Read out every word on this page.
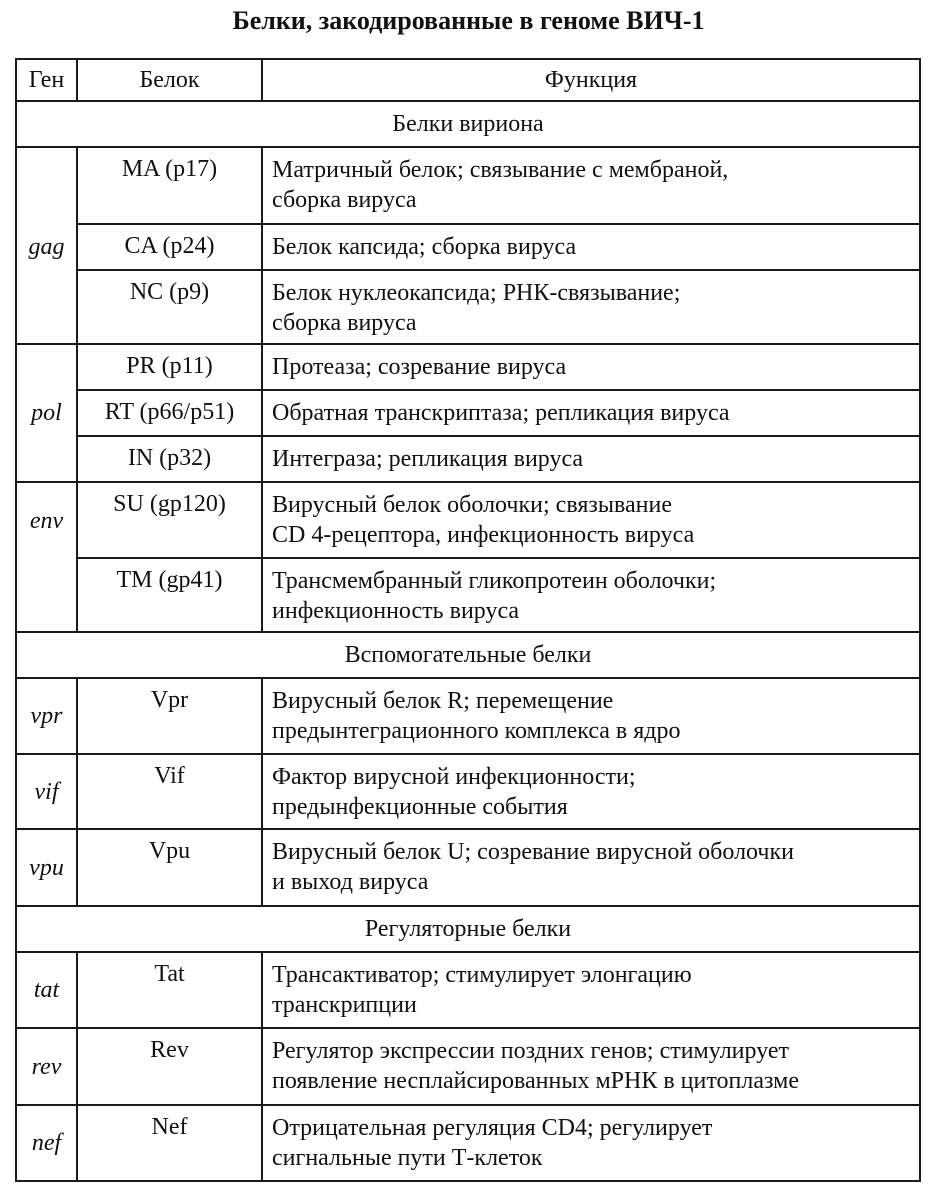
Белки, закодированные в геноме ВИЧ-1
Ген	Белок	Функция
Белки вириона		
	MA (p17)	Матричный белок; связывание с мембраной,
сборка вируса
gag	CA (p24)	Белок капсида; сборка вируса
	NC (p9)	Белок нуклеокапсида; РНК-связывание;
сборка вируса
	PR (p11)	Протеаза; созревание вируса
pol	RT (p66/p51)	Обратная транскриптаза; репликация вируса
	IN (p32)	Интеграза; репликация вируса
env	SU (gp120)	Вирусный белок оболочки; связывание
CD 4-рецептора, инфекционность вируса
	TM (gp41)	Трансмембранный гликопротеин оболочки;
инфекционность вируса
Вспомогательные белки		
vpr	Vpr	Вирусный белок R; перемещение
предынтеграционного комплекса в ядро
vif	Vif	Фактор вирусной инфекционности;
предынфекционные события
vpu	Vpu	Вирусный белок U; созревание вирусной оболочки
и выход вируса
Регуляторные белки		
tat	Tat	Трансактиватор; стимулирует элонгацию
транскрипции
rev	Rev	Регулятор экспрессии поздних генов; стимулирует
появление несплайсированных мРНК в цитоплазме
nef	Nef	Отрицательная регуляция CD4; регулирует
сигнальные пути Т-клеток
